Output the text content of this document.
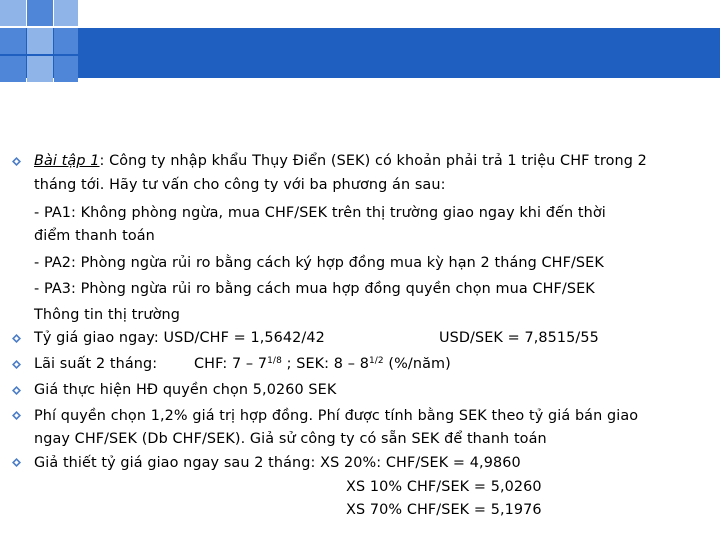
Bài tập 1: Công ty nhập khẩu Thụy Điển (SEK) có khoản phải trả 1 triệu CHF trong 2
tháng tới. Hãy tư vấn cho công ty với ba phương án sau:
- PA1: Không phòng ngừa, mua CHF/SEK trên thị trường giao ngay khi đến thời
điểm thanh toán
- PA2: Phòng ngừa rủi ro bằng cách ký hợp đồng mua kỳ hạn 2 tháng CHF/SEK
- PA3: Phòng ngừa rủi ro bằng cách mua hợp đồng quyền chọn mua CHF/SEK
Thông tin thị trường
Tỷ giá giao ngay: USD/CHF = 1,5642/42	USD/SEK = 7,8515/55
Lãi suất 2 tháng:	CHF: $7 - 7^{1/8}$ ; SEK: $8 - 8^{1/2}$ (%/năm)
Giá thực hiện HĐ quyền chọn 5,0260 SEK
Phí quyền chọn 1,2% giá trị hợp đồng. Phí được tính bằng SEK theo tỷ giá bán giao
ngay CHF/SEK (Db CHF/SEK). Giả sử công ty có sẵn SEK để thanh toán
Giả thiết tỷ giá giao ngay sau 2 tháng: XS 20%: CHF/SEK = 4,9860
XS 10% CHF/SEK = 5,0260
XS 70% CHF/SEK = 5,1976
